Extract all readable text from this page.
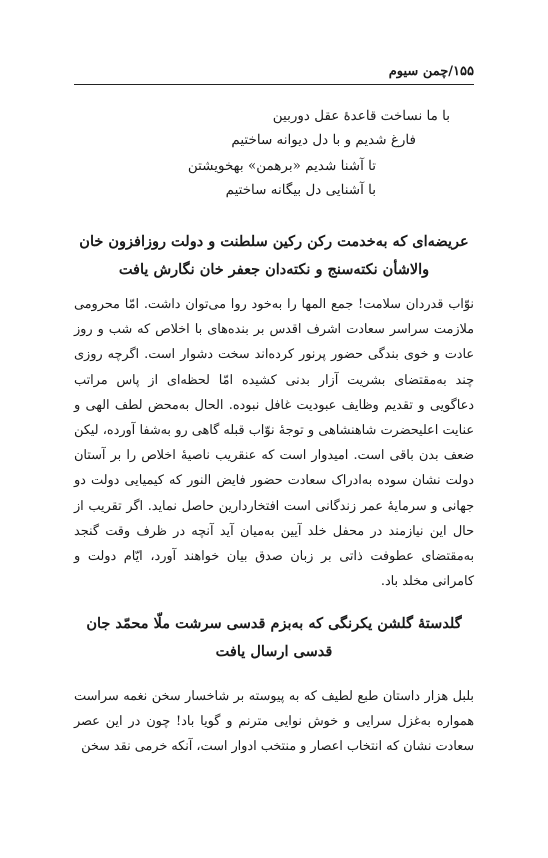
۱۵۵/چمن سیوم
با ما نساخت قاعدهٔ عقل دوربین
فارغ شدیم و با دل دیوانه ساختیم
تا آشنا شدیم «برهمن» بهخویشتن
با آشنایی دل بیگانه ساختیم
عریضه‌ای که به‌خدمت رکن رکین سلطنت و دولت روزافزون خان والاشأن نکته‌سنج و نکته‌دان جعفر خان نگارش یافت

نوّاب قدردان سلامت! جمع المها را به‌خود روا می‌توان داشت. امّا محرومی ملازمت سراسر سعادت اشرف اقدس بر بنده‌های با اخلاص که شب و روز عادت و خوی بندگی حضور پرنور کرده‌اند سخت دشوار است. اگرچه روزی چند به‌مقتضای بشریت آزار بدنی کشیده امّا لحظه‌ای از پاس مراتب دعاگویی و تقدیم وظایف عبودیت غافل نبوده. الحال به‌محض لطف الهی و عنایت اعلیحضرت شاهنشاهی و توجهٔ نوّاب قبله گاهی رو به‌شفا آورده، لیکن ضعف بدن باقی است. امیدوار است که عنقریب ناصیهٔ اخلاص را بر آستان دولت نشان سوده به‌ادراک سعادت حضور فایض النور که کیمیایی دولت دو جهانی و سرمایهٔ عمر زندگانی است افتخاردارین حاصل نماید. اگر تقریب از حال این نیازمند در محفل خلد آیین به‌میان آید آنچه در ظرف وقت گنجد به‌مقتضای عطوفت ذاتی بر زبان صدق بیان خواهند آورد، ایّام دولت و کامرانی مخلد باد.

گلدستهٔ گلشن یکرنگی که به‌بزم قدسی سرشت ملّا محمّد جان قدسی ارسال یافت

بلبل هزار داستان طبع لطیف که به پیوسته بر شاخسار سخن نغمه سراست همواره به‌غزل سرایی و خوش نوایی مترنم و گویا باد! چون در این عصر سعادت نشان که انتخاب اعصار و منتخب ادوار است، آنکه خرمی نقد سخن
